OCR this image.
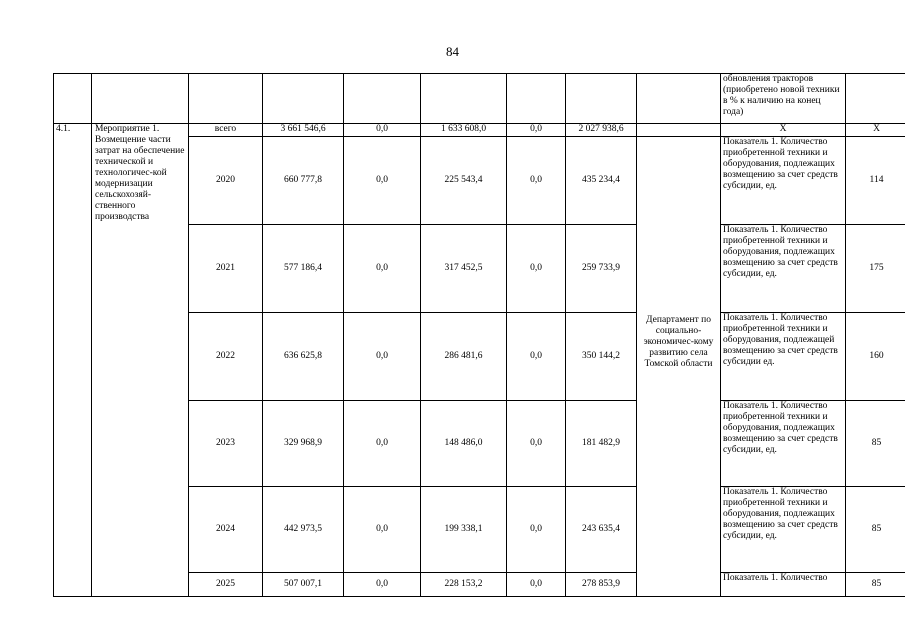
84
									обновления тракторов (приобретено новой техники в % к наличию на конец года)	
4.1.	Мероприятие 1. Возмещение части затрат на обеспечение технической и технологичес-кой модернизации сельскохозяй-ственного производства	всего	3 661 546,6	0,0	1 633 608,0	0,0	2 027 938,6		Х	Х
		2020	660 777,8	0,0	225 543,4	0,0	435 234,4	Департамент по социально-экономичес-кому развитию села Томской области	Показатель 1. Количество приобретенной техники и оборудования, подлежащих возмещению за счет средств субсидии, ед.	114
		2021	577 186,4	0,0	317 452,5	0,0	259 733,9		Показатель 1. Количество приобретенной техники и оборудования, подлежащих возмещению за счет средств субсидии, ед.	175
		2022	636 625,8	0,0	286 481,6	0,0	350 144,2		Показатель 1. Количество приобретенной техники и оборудования, подлежащей возмещению за счет средств субсидии ед.	160
		2023	329 968,9	0,0	148 486,0	0,0	181 482,9		Показатель 1. Количество приобретенной техники и оборудования, подлежащих возмещению за счет средств субсидии, ед.	85
		2024	442 973,5	0,0	199 338,1	0,0	243 635,4		Показатель 1. Количество приобретенной техники и оборудования, подлежащих возмещению за счет средств субсидии, ед.	85
		2025	507 007,1	0,0	228 153,2	0,0	278 853,9		Показатель 1. Количество	85
